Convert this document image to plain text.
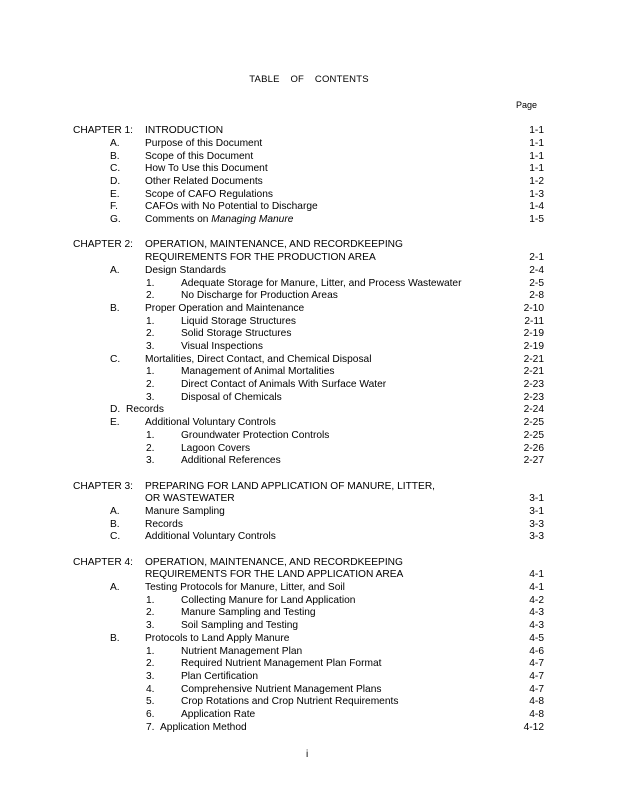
TABLE OF CONTENTS
Page
CHAPTER 1: INTRODUCTION	1-1
A. Purpose of this Document	1-1
B. Scope of this Document	1-1
C. How To Use this Document	1-1
D. Other Related Documents	1-2
E. Scope of CAFO Regulations	1-3
F.	CAFOs with No Potential to Discharge	1-4
G. Comments on Managing Manure	1-5
CHAPTER 2: OPERATION, MAINTENANCE, AND RECORDKEEPING
REQUIREMENTS FOR THE PRODUCTION AREA	2-1
A. Design Standards	2-4
1.	Adequate Storage for Manure, Litter, and Process Wastewater	2-5
2.	No Discharge for Production Areas	2-8
B. Proper Operation and Maintenance	2-10
1.	Liquid Storage Structures	2-11
2.	Solid Storage Structures	2-19
3.	Visual Inspections	2-19
C. Mortalities, Direct Contact, and Chemical Disposal	2-21
1.	Management of Animal Mortalities	2-21
2.	Direct Contact of Animals With Surface Water	2-23
3.	Disposal of Chemicals	2-23
D. Records	2-24
E. Additional Voluntary Controls	2-25
1.	Groundwater Protection Controls	2-25
2.	Lagoon Covers	2-26
3.	Additional References	2-27
CHAPTER 3: PREPARING FOR LAND APPLICATION OF MANURE, LITTER,
OR WASTEWATER	3-1
A. Manure Sampling	3-1
B. Records	3-3
C. Additional Voluntary Controls	3-3
CHAPTER 4: OPERATION, MAINTENANCE, AND RECORDKEEPING
REQUIREMENTS FOR THE LAND APPLICATION AREA	4-1
A. Testing Protocols for Manure, Litter, and Soil	4-1
1.	Collecting Manure for Land Application	4-2
2.	Manure Sampling and Testing	4-3
3.	Soil Sampling and Testing	4-3
B. Protocols to Land Apply Manure	4-5
1.	Nutrient Management Plan	4-6
2.	Required Nutrient Management Plan Format	4-7
3.	Plan Certification	4-7
4.	Comprehensive Nutrient Management Plans	4-7
5.	Crop Rotations and Crop Nutrient Requirements	4-8
6.	Application Rate	4-8
7. Application Method	4-12
i
